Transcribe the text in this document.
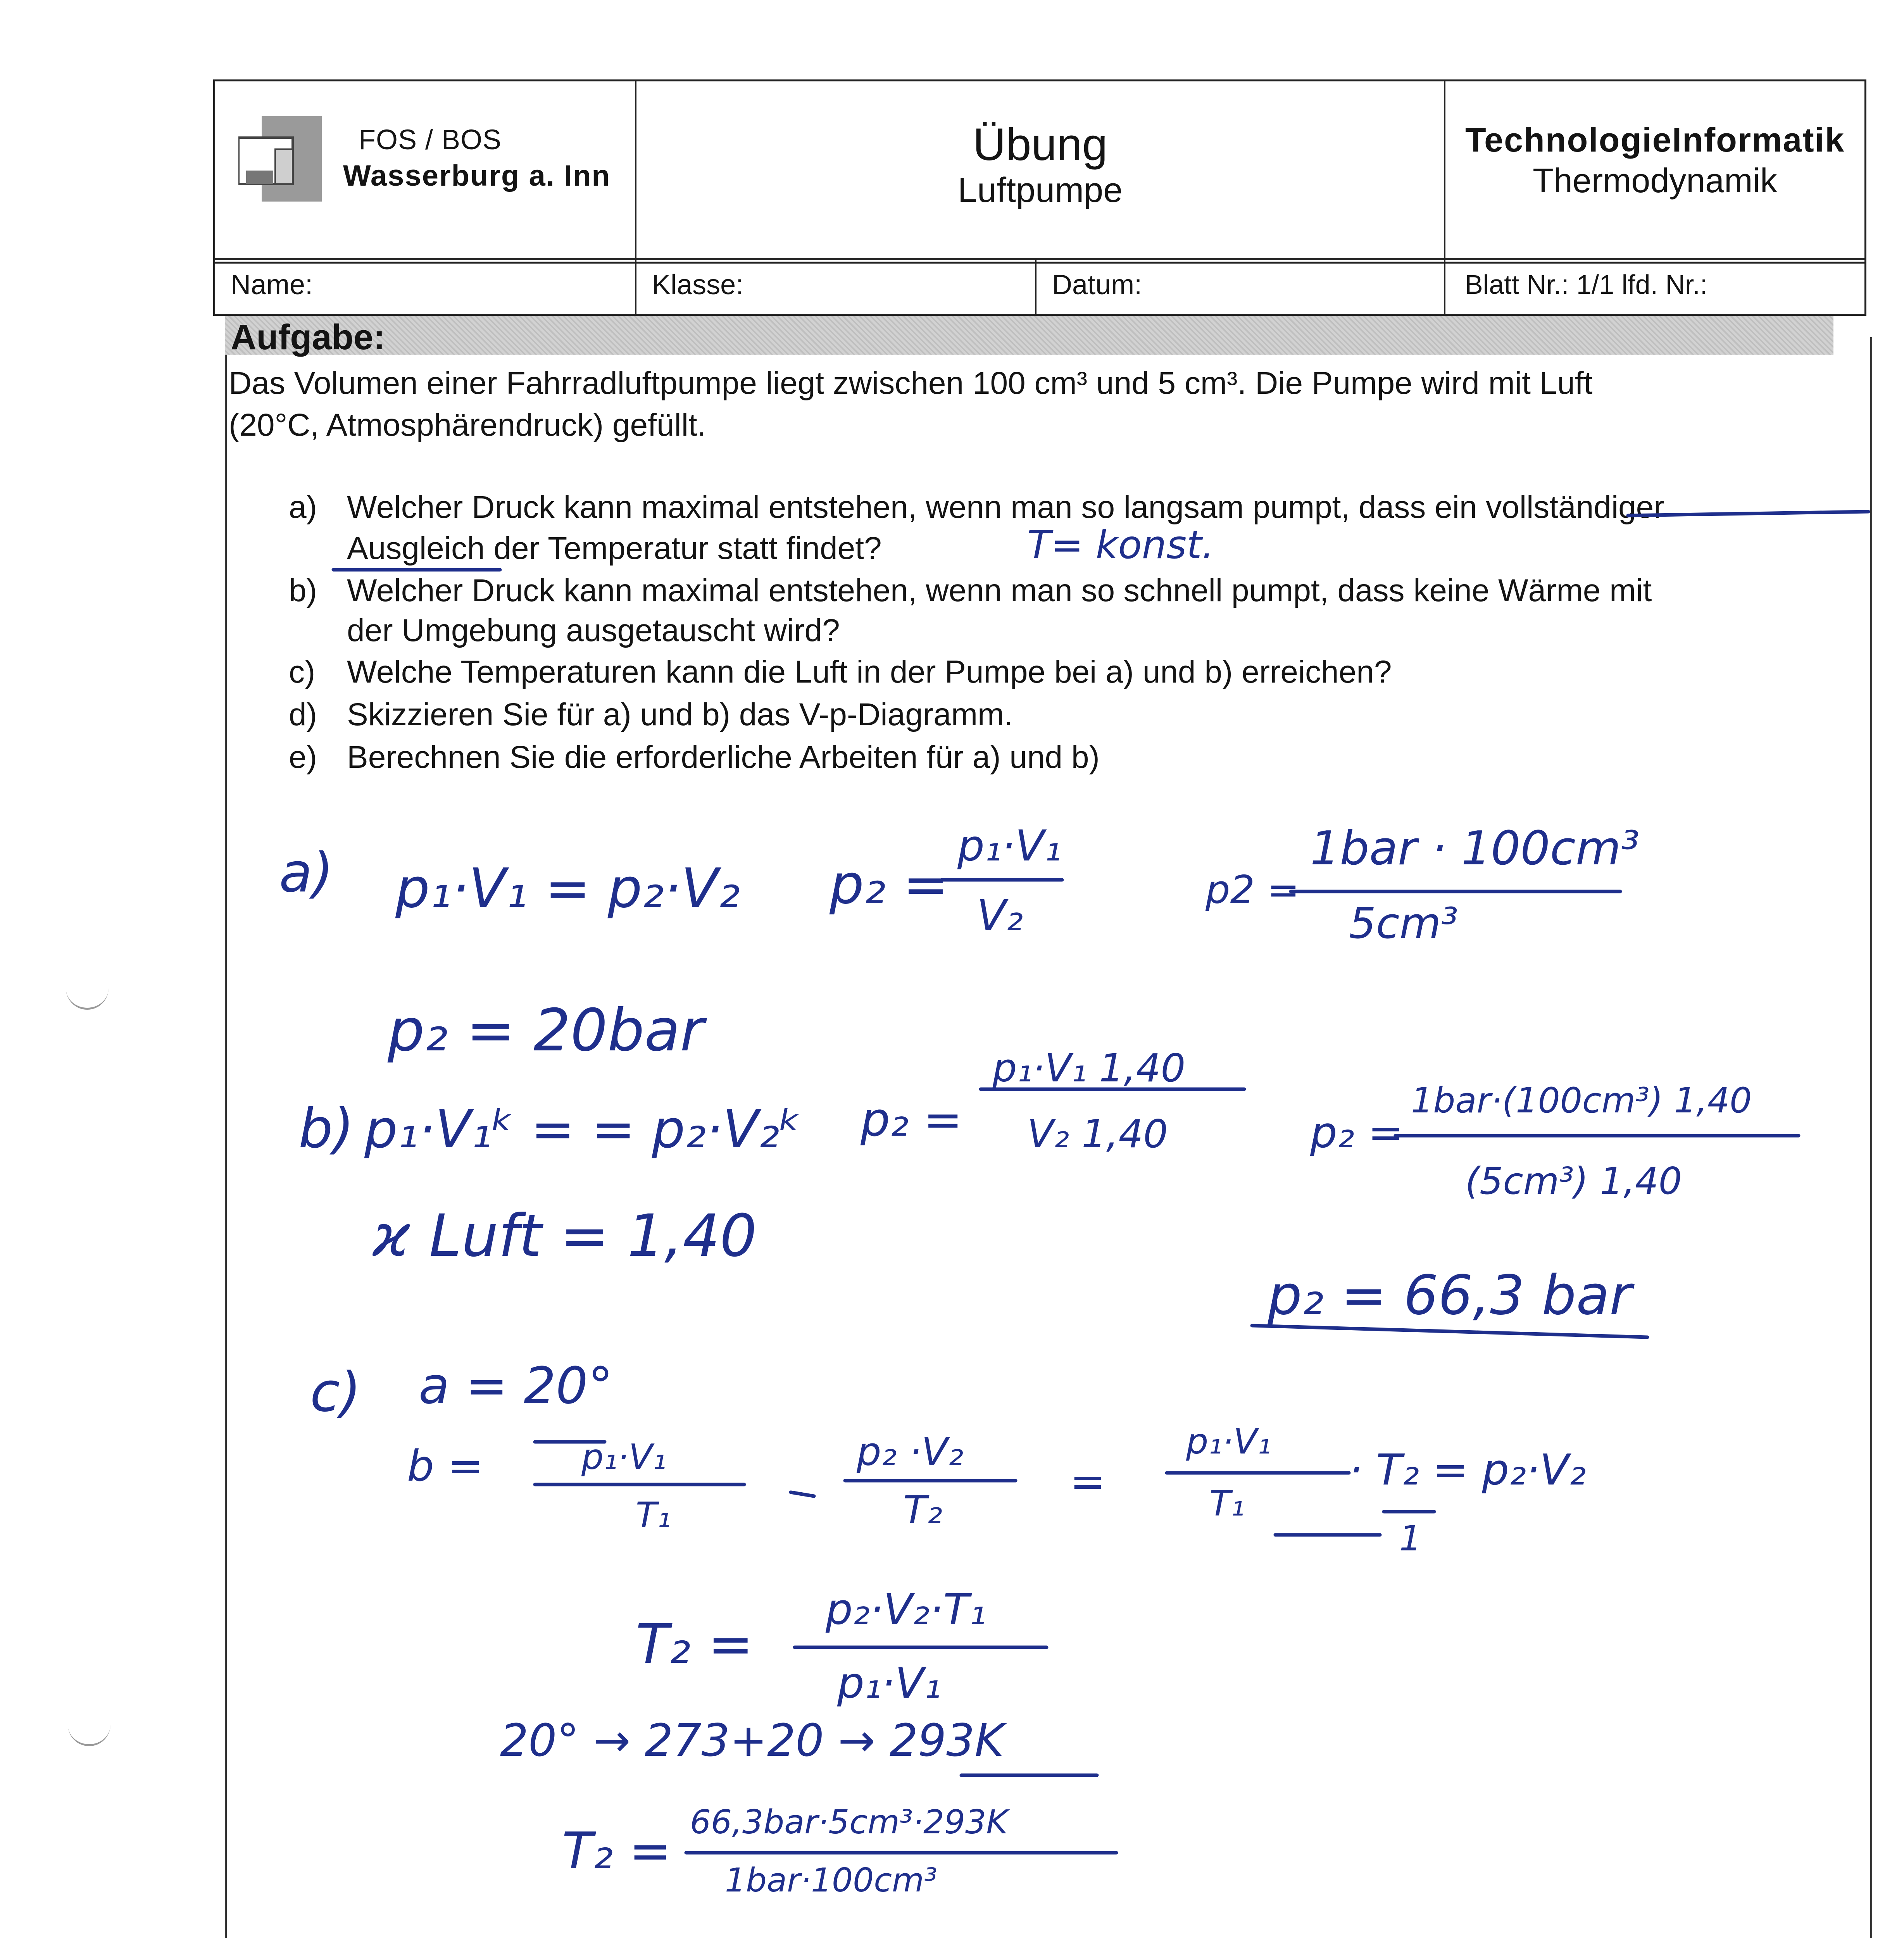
FOS / BOS
Wasserburg a. Inn
Übung
Luftpumpe
TechnologieInformatik
Thermodynamik
Name:	Klasse:	Datum:	Blatt Nr.: 1/1 lfd. Nr.:
Aufgabe:
Das Volumen einer Fahrradluftpumpe liegt zwischen 100 cm³ und 5 cm³. Die Pumpe wird mit Luft
(20°C, Atmosphärendruck) gefüllt.
a) Welcher Druck kann maximal entstehen, wenn man so langsam pumpt, dass ein vollständiger
Ausgleich der Temperatur statt findet?
b) Welcher Druck kann maximal entstehen, wenn man so schnell pumpt, dass keine Wärme mit
der Umgebung ausgetauscht wird?
c) Welche Temperaturen kann die Luft in der Pumpe bei a) und b) erreichen?
d) Skizzieren Sie für a) und b) das V-p-Diagramm.
e) Berechnen Sie die erforderliche Arbeiten für a) und b)
T= konst.
a) p₁·V₁ = p₂·V₂ p₂ =
p₁·V₁
V₂
p2 =
1bar · 100cm³
5cm³
p₂ = 20bar
b) p₁·V₁ᵏ = = p₂·V₂ᵏ p₂ =
p₁·V₁ 1,40
V₂ 1,40	p₂ =
1bar·(100cm³) 1,40
(5cm³) 1,40
ϰ Luft = 1,40
p₂ = 66,3 bar
c) a = 20°
b =	p₁·V₁
T₁
p₂ ·V₂
T₂
=
p₁·V₁
T₁
· T₂ = p₂·V₂
1
T₂ =
p₂·V₂·T₁
p₁·V₁
20° → 273+20 → 293K
T₂ = 66,3bar·5cm³·293K
1bar·100cm³
